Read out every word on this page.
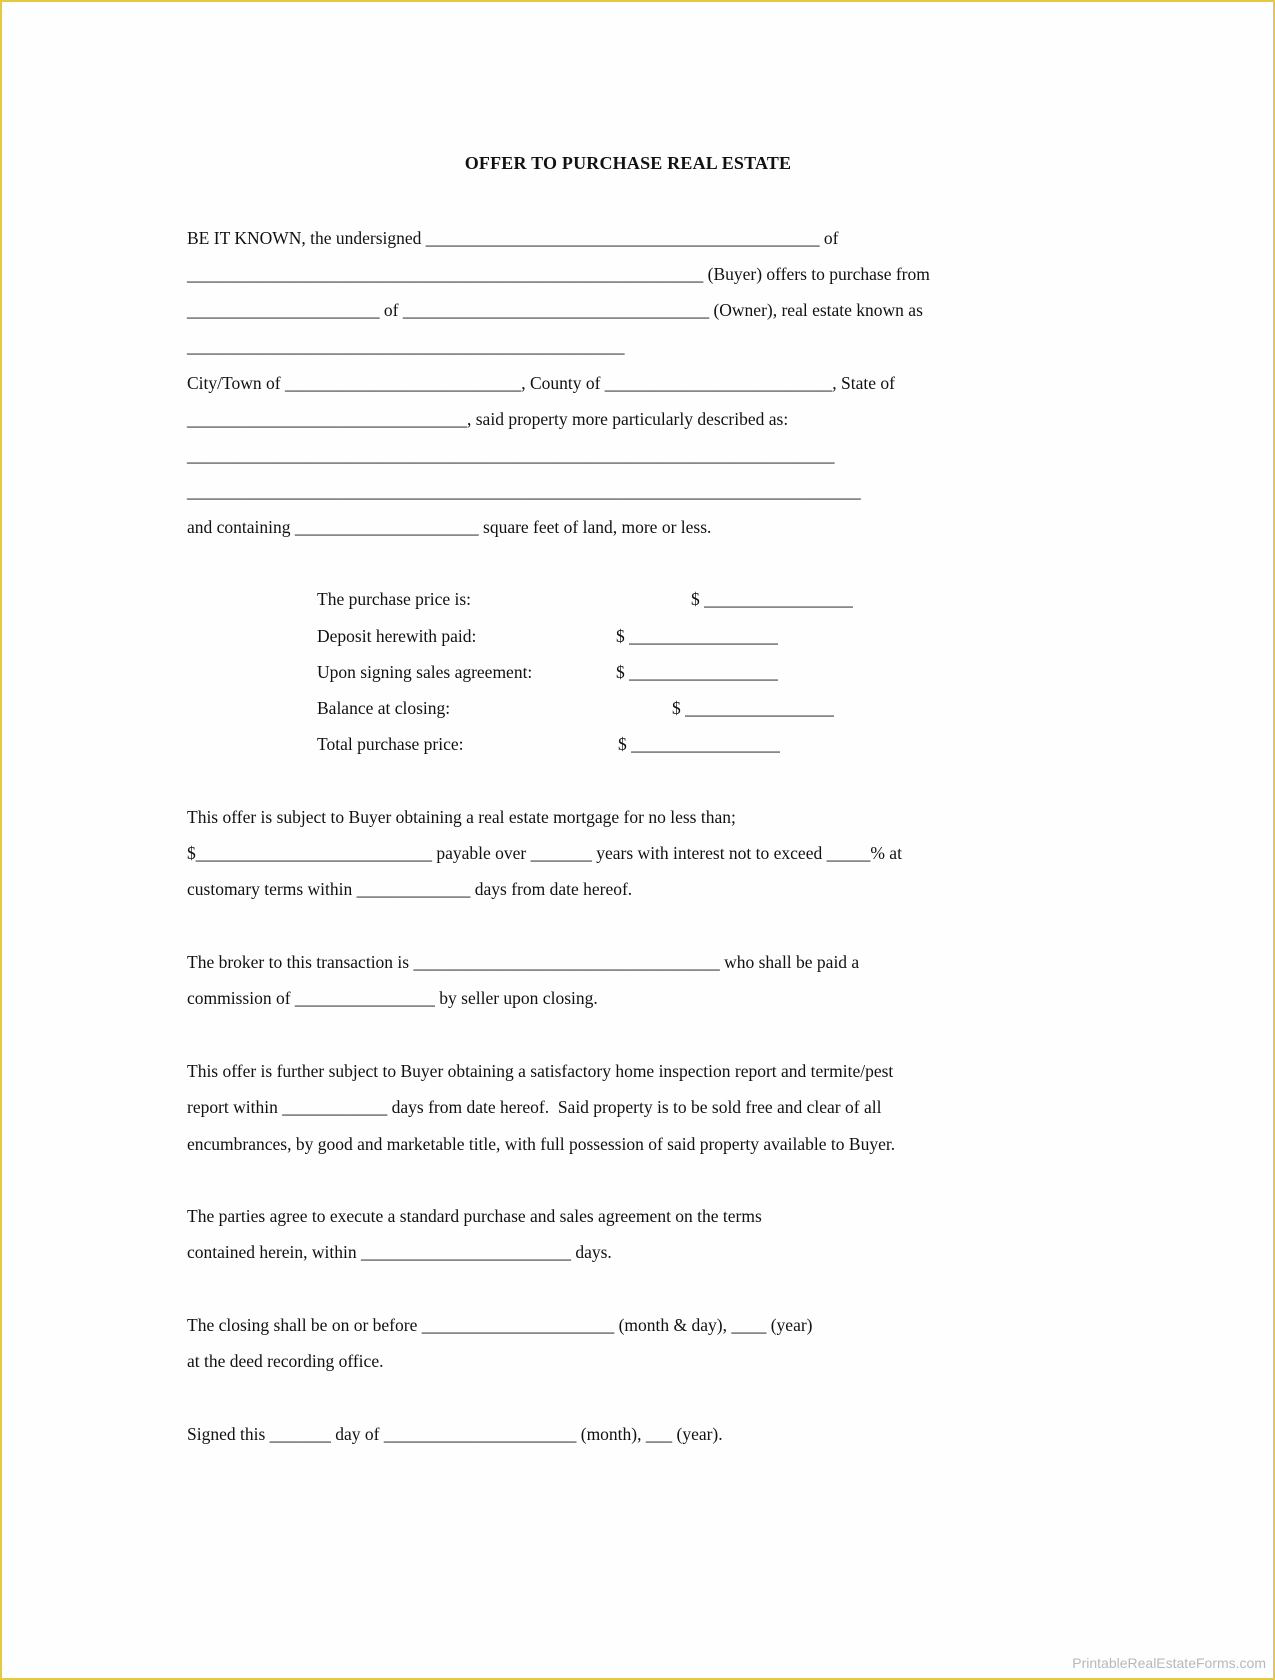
OFFER TO PURCHASE REAL ESTATE

BE IT KNOWN, the undersigned _____________________________________________ of

___________________________________________________________ (Buyer) offers to purchase from

______________________ of ___________________________________ (Owner), real estate known as

__________________________________________________

City/Town of ___________________________, County of __________________________, State of

________________________________, said property more particularly described as:

__________________________________________________________________________

_____________________________________________________________________________

and containing _____________________ square feet of land, more or less.

The purchase price is:	$ _________________

Deposit herewith paid:	$ _________________

Upon signing sales agreement:	$ _________________

Balance at closing:	$ _________________

Total purchase price:	$ _________________

This offer is subject to Buyer obtaining a real estate mortgage for no less than;

$___________________________ payable over _______ years with interest not to exceed _____% at

customary terms within _____________ days from date hereof.

The broker to this transaction is ___________________________________ who shall be paid a

commission of ________________ by seller upon closing.

This offer is further subject to Buyer obtaining a satisfactory home inspection report and termite/pest

report within ____________ days from date hereof.  Said property is to be sold free and clear of all

encumbrances, by good and marketable title, with full possession of said property available to Buyer.

The parties agree to execute a standard purchase and sales agreement on the terms

contained herein, within ________________________ days.

The closing shall be on or before ______________________ (month & day), ____ (year)

at the deed recording office.

Signed this _______ day of ______________________ (month), ___ (year).

PrintableRealEstateForms.com
